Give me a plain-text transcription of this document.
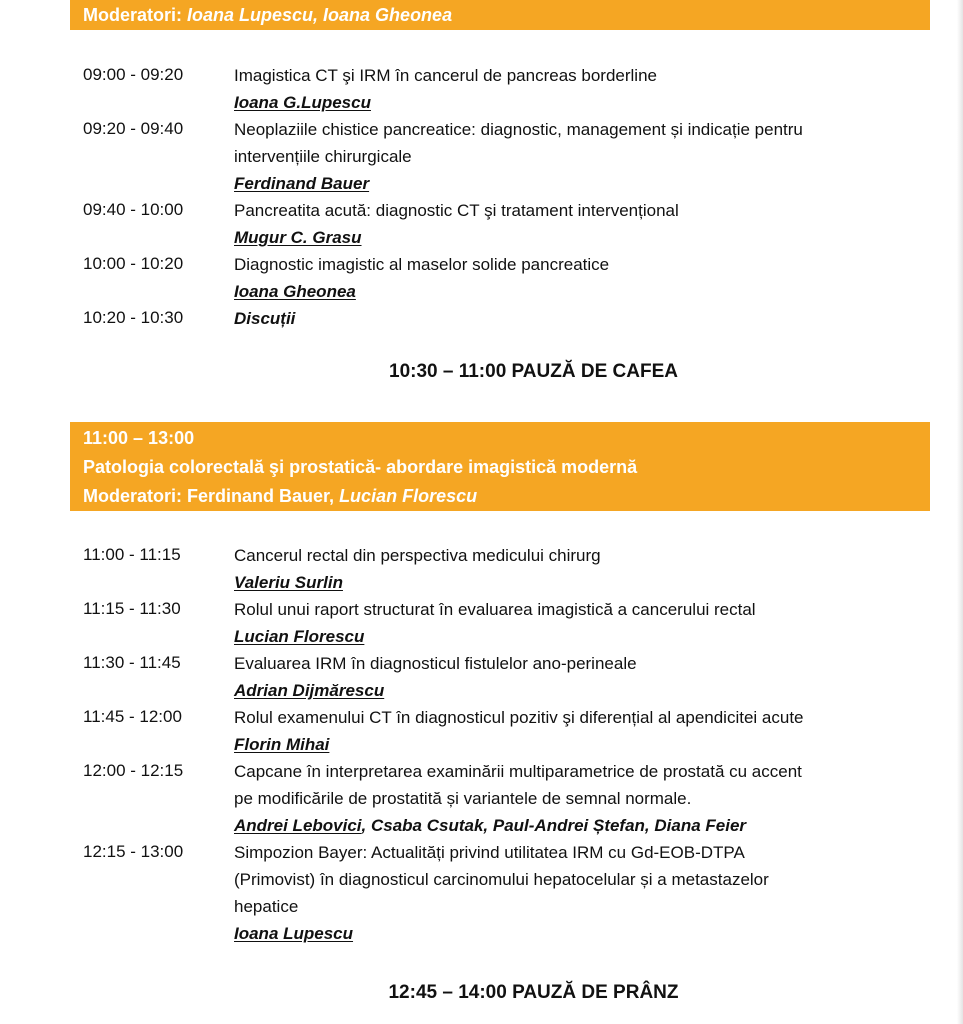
Moderatori: Ioana Lupescu, Ioana Gheonea
09:00 - 09:20	Imagistica CT şi IRM în cancerul de pancreas borderline
Ioana G.Lupescu
09:20 - 09:40	Neoplaziile chistice pancreatice: diagnostic, management și indicație pentru
intervențiile chirurgicale
Ferdinand Bauer
09:40 - 10:00	Pancreatita acută: diagnostic CT şi tratament intervențional
Mugur C. Grasu
10:00 - 10:20	Diagnostic imagistic al maselor solide pancreatice
Ioana Gheonea
10:20 - 10:30	Discuții
10:30 – 11:00 PAUZĂ DE CAFEA
11:00 – 13:00
Patologia colorectală şi prostatică- abordare imagistică modernă
Moderatori: Ferdinand Bauer, Lucian Florescu
11:00 - 11:15	Cancerul rectal din perspectiva medicului chirurg
Valeriu Surlin
11:15 - 11:30	Rolul unui raport structurat în evaluarea imagistică a cancerului rectal
Lucian Florescu
11:30 - 11:45	Evaluarea IRM în diagnosticul fistulelor ano-perineale
Adrian Dijmărescu
11:45 - 12:00	Rolul examenului CT în diagnosticul pozitiv şi diferențial al apendicitei acute
Florin Mihai
12:00 - 12:15	Capcane în interpretarea examinării multiparametrice de prostată cu accent
pe modificările de prostatită și variantele de semnal normale.
Andrei Lebovici, Csaba Csutak, Paul-Andrei Ștefan, Diana Feier
12:15 - 13:00	Simpozion Bayer: Actualități privind utilitatea IRM cu Gd-EOB-DTPA
(Primovist) în diagnosticul carcinomului hepatocelular și a metastazelor
hepatice
Ioana Lupescu
12:45 – 14:00 PAUZĂ DE PRÂNZ
